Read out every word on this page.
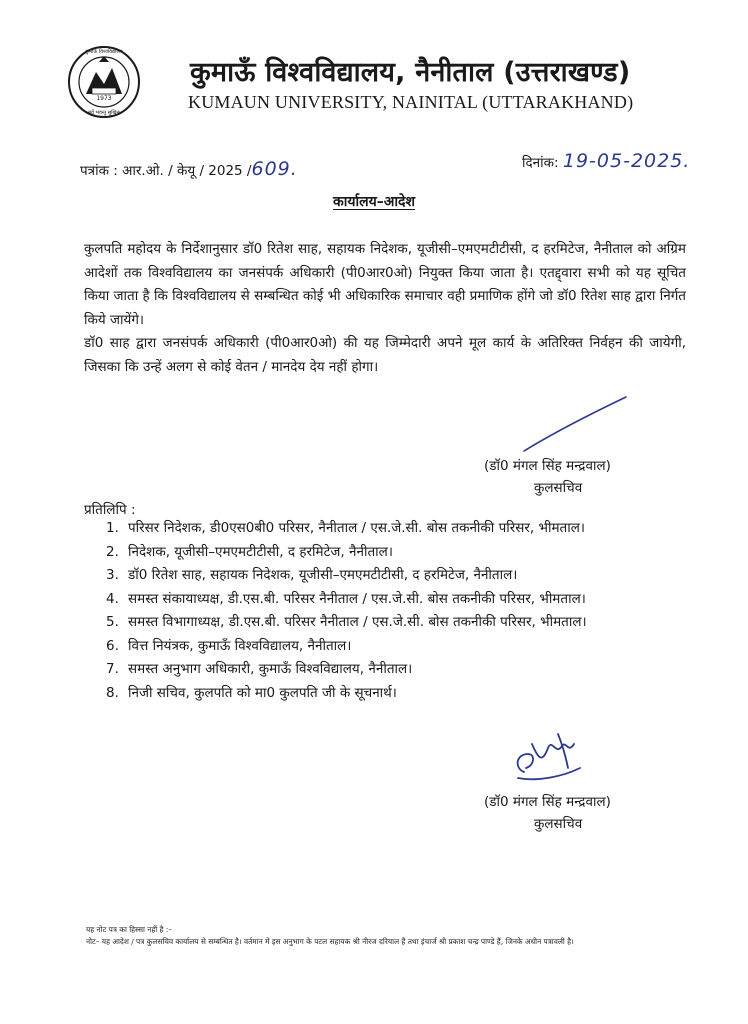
1973
कुमाऊँ विश्वविद्यालय
सर्वे भवन्तु सुखिनः
कुमाऊँ विश्वविद्यालय, नैनीताल (उत्तराखण्ड)
KUMAUN UNIVERSITY, NAINITAL (UTTARAKHAND)
पत्रांक : आर.ओ. / केयू / 2025 /609.	दिनांक: 19-05-2025.
कार्यालय–आदेश

कुलपति महोदय के निर्देशानुसार डॉ0 रितेश साह, सहायक निदेशक, यूजीसी–एमएमटीटीसी, द हरमिटेज, नैनीताल को अग्रिम आदेशों तक विश्वविद्यालय का जनसंपर्क अधिकारी (पी0आर0ओ) नियुक्त किया जाता है। एतद्द्वारा सभी को यह सूचित किया जाता है कि विश्वविद्यालय से सम्बन्धित कोई भी अधिकारिक समाचार वही प्रमाणिक होंगे जो डॉ0 रितेश साह द्वारा निर्गत किये जायेंगे।

डॉ0 साह द्वारा जनसंपर्क अधिकारी (पी0आर0ओ) की यह जिम्मेदारी अपने मूल कार्य के अतिरिक्त निर्वहन की जायेगी, जिसका कि उन्हें अलग से कोई वेतन / मानदेय देय नहीं होगा।

(डॉ0 मंगल सिंह मन्द्रवाल)
कुलसचिव
प्रतिलिपि :
1. परिसर निदेशक, डी0एस0बी0 परिसर, नैनीताल / एस.जे.सी. बोस तकनीकी परिसर, भीमताल।
2. निदेशक, यूजीसी–एमएमटीटीसी, द हरमिटेज, नैनीताल।
3. डॉ0 रितेश साह, सहायक निदेशक, यूजीसी–एमएमटीटीसी, द हरमिटेज, नैनीताल।
4. समस्त संकायाध्यक्ष, डी.एस.बी. परिसर नैनीताल / एस.जे.सी. बोस तकनीकी परिसर, भीमताल।
5. समस्त विभागाध्यक्ष, डी.एस.बी. परिसर नैनीताल / एस.जे.सी. बोस तकनीकी परिसर, भीमताल।
6. वित्त नियंत्रक, कुमाऊँ विश्वविद्यालय, नैनीताल।
7. समस्त अनुभाग अधिकारी, कुमाऊँ विश्वविद्यालय, नैनीताल।
8. निजी सचिव, कुलपति को मा0 कुलपति जी के सूचनार्थ।
(डॉ0 मंगल सिंह मन्द्रवाल)
कुलसचिव

यह नोट पत्र का हिस्सा नहीं है :–

नोट– यह आदेश / पत्र कुलसचिव कार्यालय से सम्बन्धित है। वर्तमान में इस अनुभाग के पटल सहायक श्री नीरज दरियाल हैं तथा इंचार्ज श्री प्रकाश चन्द्र पाण्डे हैं, जिनके अधीन पत्रावली है।
